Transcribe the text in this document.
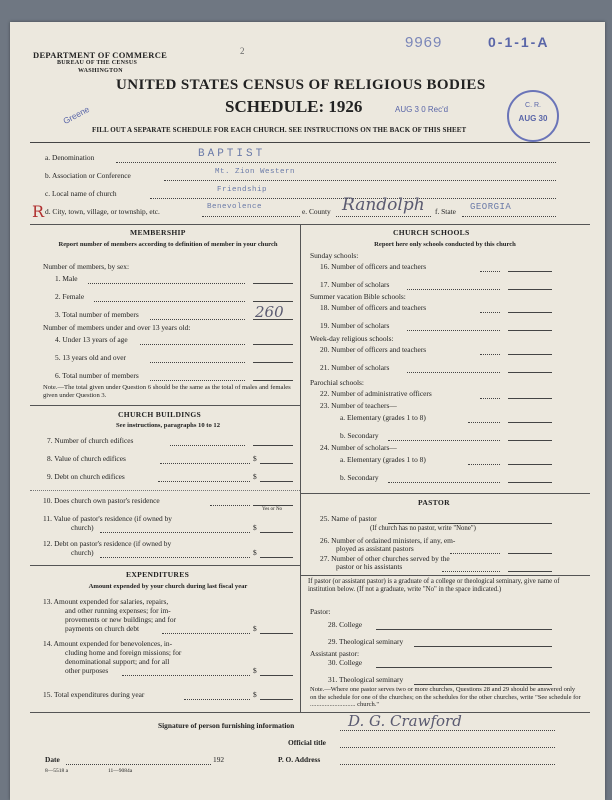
DEPARTMENT OF COMMERCE
BUREAU OF THE CENSUS
WASHINGTON
2	9969	0-1-1-A
UNITED STATES CENSUS OF RELIGIOUS BODIES
SCHEDULE: 1926	AUG 3 0 Rec'd
Greene	C. R.
AUG 30
FILL OUT A SEPARATE SCHEDULE FOR EACH CHURCH. SEE INSTRUCTIONS ON THE BACK OF THIS SHEET
a. Denomination	BAPTIST
b. Association or Conference	Mt. Zion Western
c. Local name of church	Friendship
R d. City, town, village, or township, etc.	Benevolence	e. County Randolph f. State GEORGIA
MEMBERSHIP
Report number of members according to definition of member in your church
Number of members, by sex:
1. Male
2. Female
3. Total number of members	260
Number of members under and over 13 years old:
4. Under 13 years of age
5. 13 years old and over
6. Total number of members
Note.—The total given under Question 6 should be the same as the total of males and females given under Question 3.
CHURCH BUILDINGS
See instructions, paragraphs 10 to 12
7. Number of church edifices
8. Value of church edifices	$
9. Debt on church edifices	$
10. Does church own pastor's residence
Yes or No
11. Value of pastor's residence (if owned by
church)	$
12. Debt on pastor's residence (if owned by
church)	$
EXPENDITURES
Amount expended by your church during last fiscal year
13. Amount expended for salaries, repairs,
and other running expenses; for im-
provements or new buildings; and for
payments on church debt	$
14. Amount expended for benevolences, in-
cluding home and foreign missions; for
denominational support; and for all
other purposes	$
15. Total expenditures during year	$
CHURCH SCHOOLS
Report here only schools conducted by this church
Sunday schools:
16. Number of officers and teachers
17. Number of scholars
Summer vacation Bible schools:
18. Number of officers and teachers
19. Number of scholars
Week-day religious schools:
20. Number of officers and teachers
21. Number of scholars
Parochial schools:
22. Number of administrative officers
23. Number of teachers—
a. Elementary (grades 1 to 8)
b. Secondary
24. Number of scholars—
a. Elementary (grades 1 to 8)
b. Secondary
PASTOR
25. Name of pastor
(If church has no pastor, write "None")
26. Number of ordained ministers, if any, em-
ployed as assistant pastors
27. Number of other churches served by the
pastor or his assistants
If pastor (or assistant pastor) is a graduate of a college or theological seminary, give name of institution below. (If not a graduate, write "No" in the space indicated.)
Pastor:
28. College
29. Theological seminary
Assistant pastor:
30. College
31. Theological seminary
Note.—Where one pastor serves two or more churches, Questions 28 and 29 should be answered only on the schedule for one of the churches; on the schedules for the other churches, write "See schedule for ............................ church."
Signature of person furnishing information	D. G. Crawford
Official title
Date	192	P. O. Address
8—5518 a	11—9084a
